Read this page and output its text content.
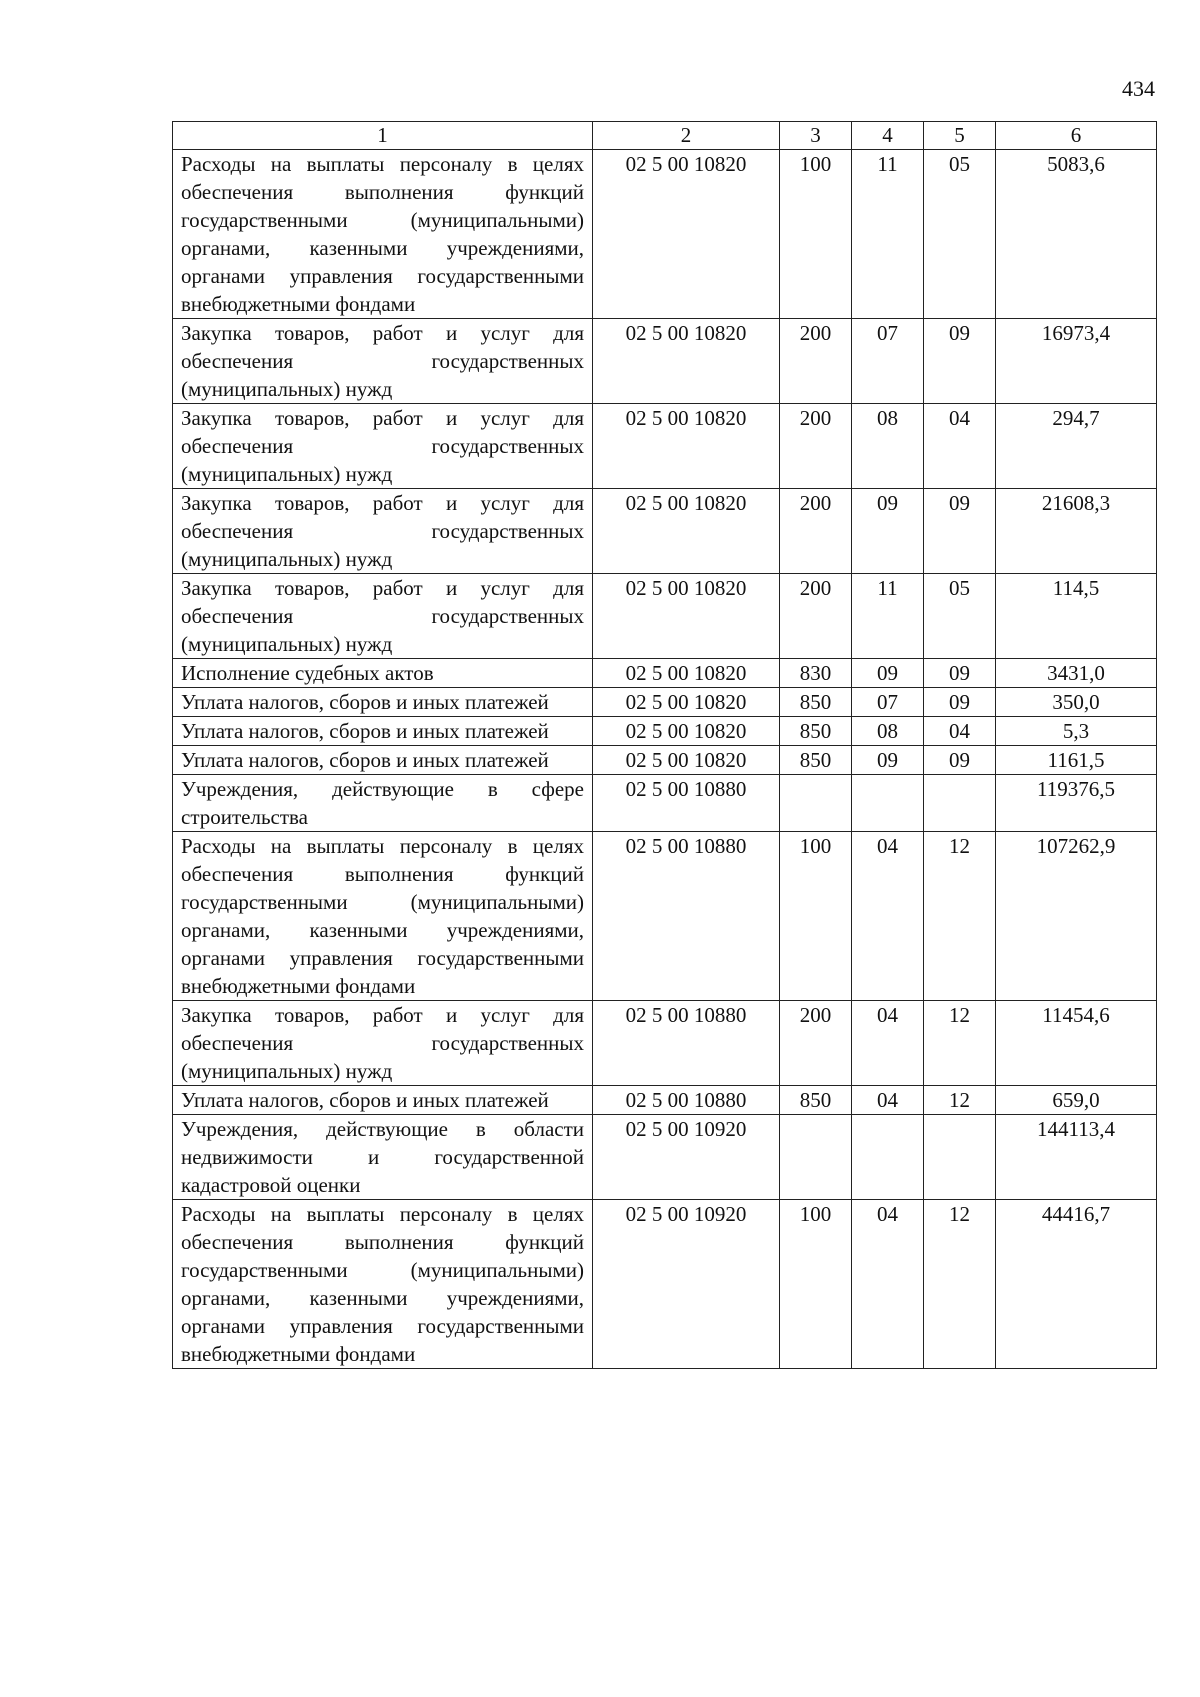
434
1	2	3	4	5	6
Расходы на выплаты персоналу в целях обеспечения выполнения функций государственными (муниципальными) органами, казенными учреждениями, органами управления государственными внебюджетными фондами	02 5 00 10820	100	11	05	5083,6
Закупка товаров, работ и услуг для обеспечения государственных (муниципальных) нужд	02 5 00 10820	200	07	09	16973,4
Закупка товаров, работ и услуг для обеспечения государственных (муниципальных) нужд	02 5 00 10820	200	08	04	294,7
Закупка товаров, работ и услуг для обеспечения государственных (муниципальных) нужд	02 5 00 10820	200	09	09	21608,3
Закупка товаров, работ и услуг для обеспечения государственных (муниципальных) нужд	02 5 00 10820	200	11	05	114,5
Исполнение судебных актов	02 5 00 10820	830	09	09	3431,0
Уплата налогов, сборов и иных платежей	02 5 00 10820	850	07	09	350,0
Уплата налогов, сборов и иных платежей	02 5 00 10820	850	08	04	5,3
Уплата налогов, сборов и иных платежей	02 5 00 10820	850	09	09	1161,5
Учреждения, действующие в сфере строительства	02 5 00 10880				119376,5
Расходы на выплаты персоналу в целях обеспечения выполнения функций государственными (муниципальными) органами, казенными учреждениями, органами управления государственными внебюджетными фондами	02 5 00 10880	100	04	12	107262,9
Закупка товаров, работ и услуг для обеспечения государственных (муниципальных) нужд	02 5 00 10880	200	04	12	11454,6
Уплата налогов, сборов и иных платежей	02 5 00 10880	850	04	12	659,0
Учреждения, действующие в области недвижимости и государственной кадастровой оценки	02 5 00 10920				144113,4
Расходы на выплаты персоналу в целях обеспечения выполнения функций государственными (муниципальными) органами, казенными учреждениями, органами управления государственными внебюджетными фондами	02 5 00 10920	100	04	12	44416,7
